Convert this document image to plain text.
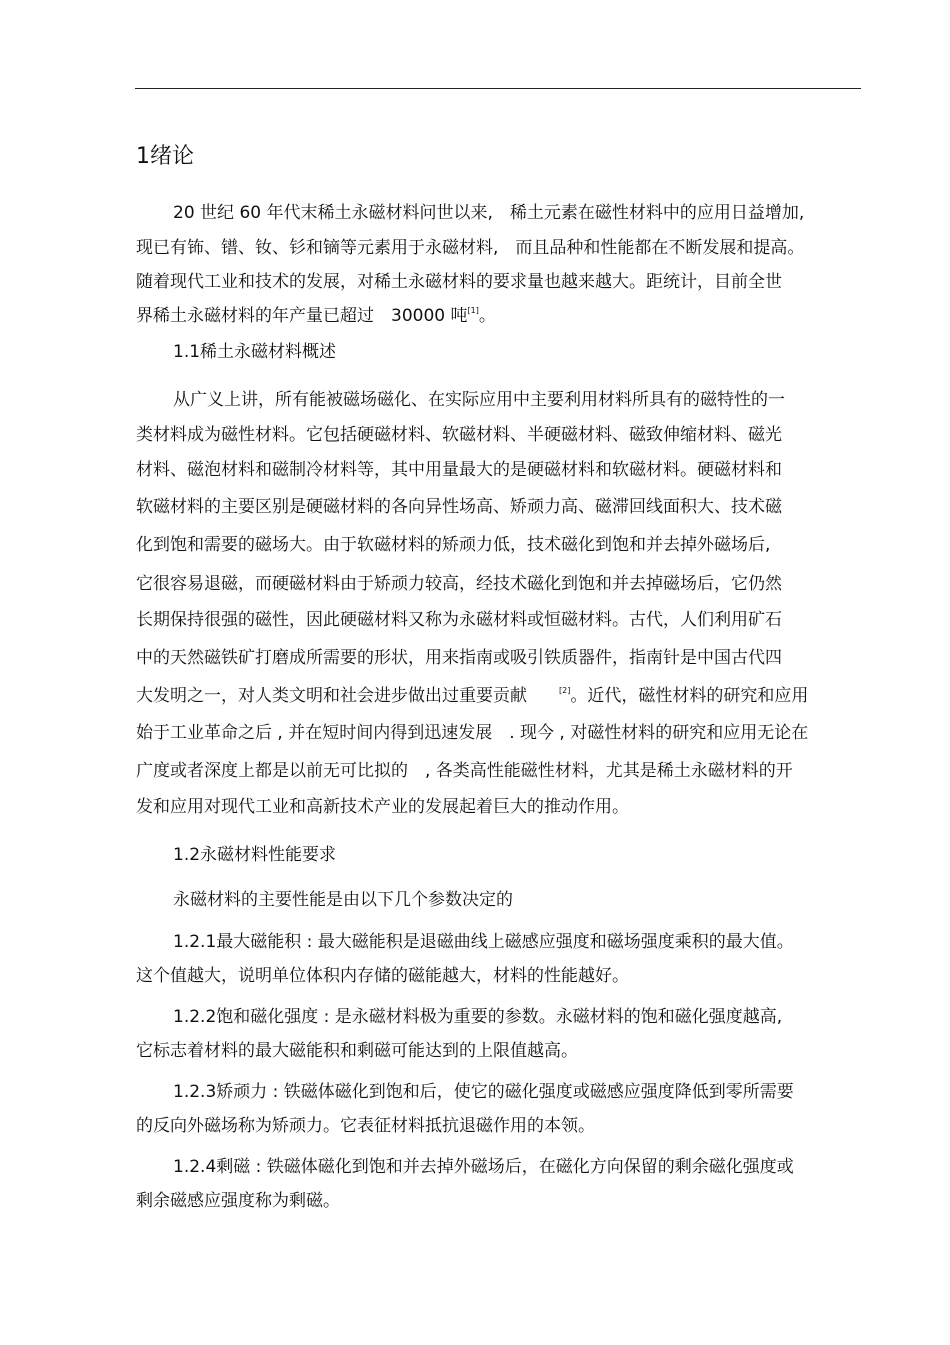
1绪论
20 世纪 60 年代末稀土永磁材料问世以来,　稀土元素在磁性材料中的应用日益增加,
现已有钸、镨、钕、钐和镝等元素用于永磁材料,　而且品种和性能都在不断发展和提高。
随着现代工业和技术的发展，对稀土永磁材料的要求量也越来越大。距统计，目前全世
界稀土永磁材料的年产量已超过　30000 吨[1]。
1.1稀土永磁材料概述
从广义上讲，所有能被磁场磁化、在实际应用中主要利用材料所具有的磁特性的一
类材料成为磁性材料。它包括硬磁材料、软磁材料、半硬磁材料、磁致伸缩材料、磁光
材料、磁泡材料和磁制冷材料等，其中用量最大的是硬磁材料和软磁材料。硬磁材料和
软磁材料的主要区别是硬磁材料的各向异性场高、矫顽力高、磁滞回线面积大、技术磁
化到饱和需要的磁场大。由于软磁材料的矫顽力低，技术磁化到饱和并去掉外磁场后,
它很容易退磁，而硬磁材料由于矫顽力较高，经技术磁化到饱和并去掉磁场后，它仍然
长期保持很强的磁性，因此硬磁材料又称为永磁材料或恒磁材料。古代，人们利用矿石
中的天然磁铁矿打磨成所需要的形状，用来指南或吸引铁质器件，指南针是中国古代四
大发明之一，对人类文明和社会进步做出过重要贡献	[2]。近代，磁性材料的研究和应用
始于工业革命之后 , 并在短时间内得到迅速发展　. 现今 , 对磁性材料的研究和应用无论在
广度或者深度上都是以前无可比拟的　, 各类高性能磁性材料，尤其是稀土永磁材料的开
发和应用对现代工业和高新技术产业的发展起着巨大的推动作用。
1.2永磁材料性能要求
永磁材料的主要性能是由以下几个参数决定的
1.2.1最大磁能积 : 最大磁能积是退磁曲线上磁感应强度和磁场强度乘积的最大值。
这个值越大，说明单位体积内存储的磁能越大，材料的性能越好。
1.2.2饱和磁化强度 : 是永磁材料极为重要的参数。永磁材料的饱和磁化强度越高,
它标志着材料的最大磁能积和剩磁可能达到的上限值越高。
1.2.3矫顽力 : 铁磁体磁化到饱和后，使它的磁化强度或磁感应强度降低到零所需要
的反向外磁场称为矫顽力。它表征材料抵抗退磁作用的本领。
1.2.4剩磁 : 铁磁体磁化到饱和并去掉外磁场后，在磁化方向保留的剩余磁化强度或
剩余磁感应强度称为剩磁。
